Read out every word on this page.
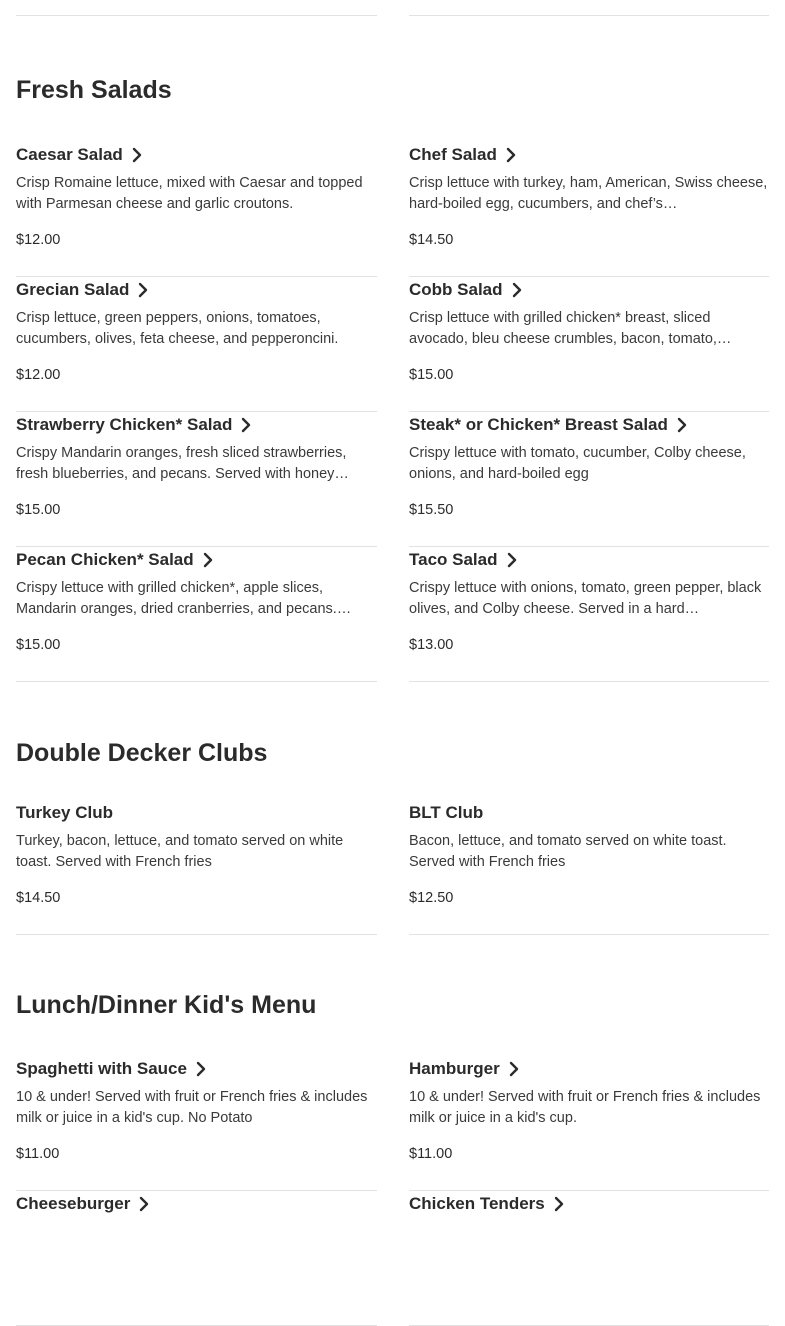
Fresh Salads
Caesar Salad
Crisp Romaine lettuce, mixed with Caesar and topped with Parmesan cheese and garlic croutons.
$12.00
Chef Salad
Crisp lettuce with turkey, ham, American, Swiss cheese, hard-boiled egg, cucumbers, and chef’s…
$14.50
Grecian Salad
Crisp lettuce, green peppers, onions, tomatoes, cucumbers, olives, feta cheese, and pepperoncini.
$12.00
Cobb Salad
Crisp lettuce with grilled chicken* breast, sliced avocado, bleu cheese crumbles, bacon, tomato,…
$15.00
Strawberry Chicken* Salad
Crispy Mandarin oranges, fresh sliced strawberries, fresh blueberries, and pecans. Served with honey…
$15.00
Steak* or Chicken* Breast Salad
Crispy lettuce with tomato, cucumber, Colby cheese, onions, and hard-boiled egg
$15.50
Pecan Chicken* Salad
Crispy lettuce with grilled chicken*, apple slices, Mandarin oranges, dried cranberries, and pecans.…
$15.00
Taco Salad
Crispy lettuce with onions, tomato, green pepper, black olives, and Colby cheese. Served in a hard…
$13.00
Double Decker Clubs
Turkey Club
Turkey, bacon, lettuce, and tomato served on white toast. Served with French fries
$14.50
BLT Club
Bacon, lettuce, and tomato served on white toast. Served with French fries
$12.50
Lunch/Dinner Kid's Menu
Spaghetti with Sauce
10 & under! Served with fruit or French fries & includes milk or juice in a kid's cup. No Potato
$11.00
Hamburger
10 & under! Served with fruit or French fries & includes milk or juice in a kid's cup.
$11.00
Cheeseburger	Chicken Tenders
